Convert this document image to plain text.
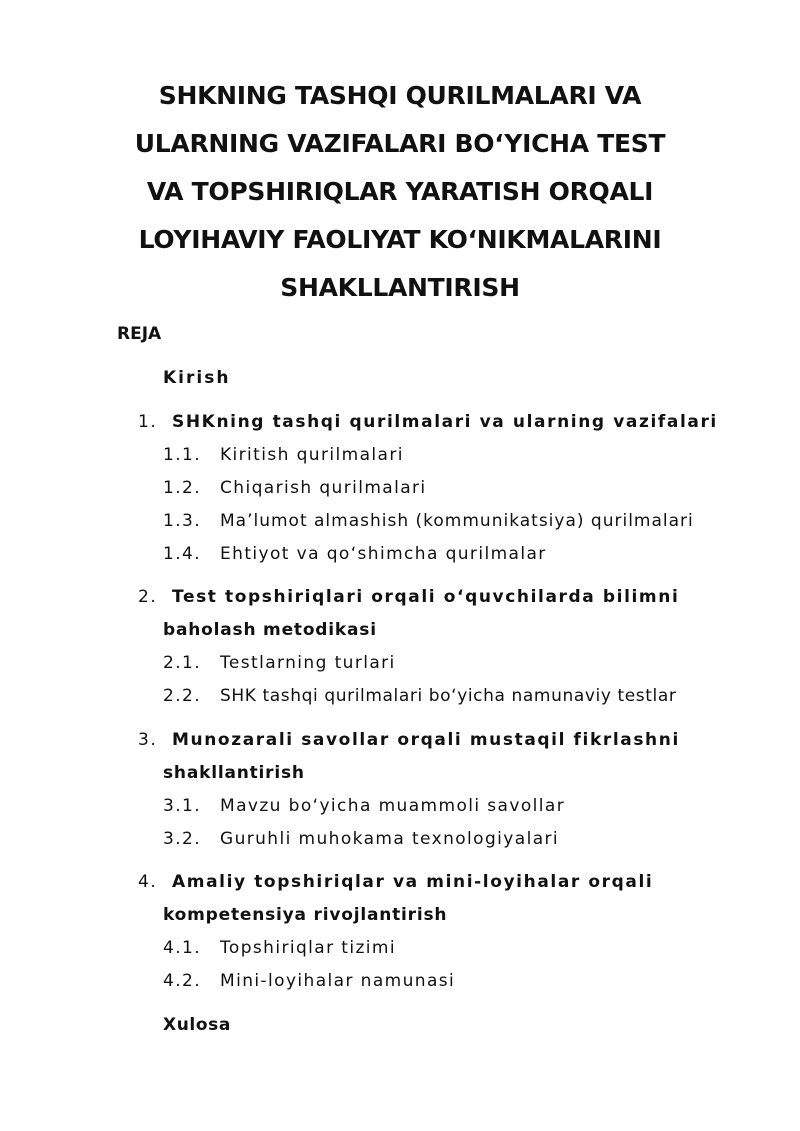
SHKNING TASHQI QURILMALARI VA
ULARNING VAZIFALARI BO‘YICHA TEST
VA TOPSHIRIQLAR YARATISH ORQALI
LOYIHAVIY FAOLIYAT KO‘NIKMALARINI
SHAKLLANTIRISH
REJA
Kirish
1. SHKning tashqi qurilmalari va ularning vazifalari
1.1.	Kiritish qurilmalari
1.2.	Chiqarish qurilmalari
1.3.	Ma’lumot almashish (kommunikatsiya) qurilmalari
1.4.	Ehtiyot va qo‘shimcha qurilmalar
2. Test topshiriqlari orqali o‘quvchilarda bilimni
baholash metodikasi
2.1.	Testlarning turlari
2.2.	SHK tashqi qurilmalari bo‘yicha namunaviy testlar
3. Munozarali savollar orqali mustaqil fikrlashni
shakllantirish
3.1.	Mavzu bo‘yicha muammoli savollar
3.2.	Guruhli muhokama texnologiyalari
4. Amaliy topshiriqlar va mini-loyihalar orqali
kompetensiya rivojlantirish
4.1.	Topshiriqlar tizimi
4.2.	Mini-loyihalar namunasi
Xulosa
